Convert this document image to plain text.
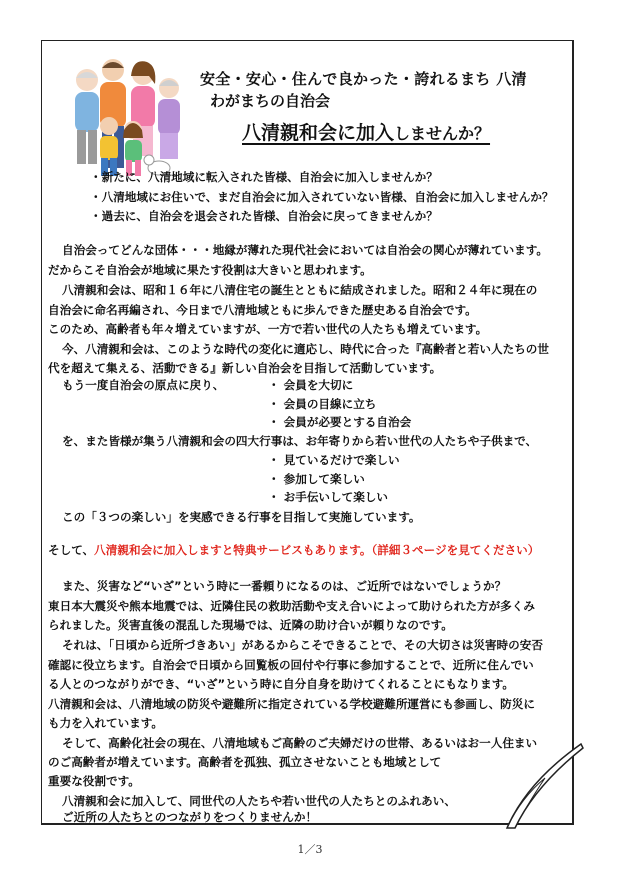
安全・安心・住んで良かった・誇れるまち 八清
わがまちの自治会
八清親和会に加入しませんか？
・新たに、八清地域に転入された皆様、自治会に加入しませんか？
・八清地域にお住いで、まだ自治会に加入されていない皆様、自治会に加入しませんか？
・過去に、自治会を退会された皆様、自治会に戻ってきませんか？
自治会ってどんな団体・・・地縁が薄れた現代社会においては自治会の関心が薄れています。
だからこそ自治会が地域に果たす役割は大きいと思われます。
八清親和会は、昭和１６年に八清住宅の誕生とともに結成されました。昭和２４年に現在の
自治会に命名再編され、今日まで八清地域ともに歩んできた歴史ある自治会です。
このため、高齢者も年々増えていますが、一方で若い世代の人たちも増えています。
今、八清親和会は、このような時代の変化に適応し、時代に合った『高齢者と若い人たちの世
代を超えて集える、活動できる』新しい自治会を目指して活動しています。
もう一度自治会の原点に戻り、	・ 会員を大切に
・ 会員の目線に立ち
・ 会員が必要とする自治会
を、また皆様が集う八清親和会の四大行事は、お年寄りから若い世代の人たちや子供まで、
・ 見ているだけで楽しい
・ 参加して楽しい
・ お手伝いして楽しい
この「３つの楽しい」を実感できる行事を目指して実施しています。
そして、八清親和会に加入しますと特典サービスもあります。（詳細３ページを見てください）
また、災害など“いざ”という時に一番頼りになるのは、ご近所ではないでしょうか？
東日本大震災や熊本地震では、近隣住民の救助活動や支え合いによって助けられた方が多くみ
られました。災害直後の混乱した現場では、近隣の助け合いが頼りなのです。
それは、「日頃から近所づきあい」があるからこそできることで、その大切さは災害時の安否
確認に役立ちます。自治会で日頃から回覧板の回付や行事に参加することで、近所に住んでい
る人とのつながりができ、“いざ”という時に自分自身を助けてくれることにもなります。
八清親和会は、八清地域の防災や避難所に指定されている学校避難所運営にも参画し、防災に
も力を入れています。
そして、高齢化社会の現在、八清地域もご高齢のご夫婦だけの世帯、あるいはお一人住まい
のご高齢者が増えています。高齢者を孤独、孤立させないことも地域として
重要な役割です。
八清親和会に加入して、同世代の人たちや若い世代の人たちとのふれあい、
ご近所の人たちとのつながりをつくりませんか！
1／3
